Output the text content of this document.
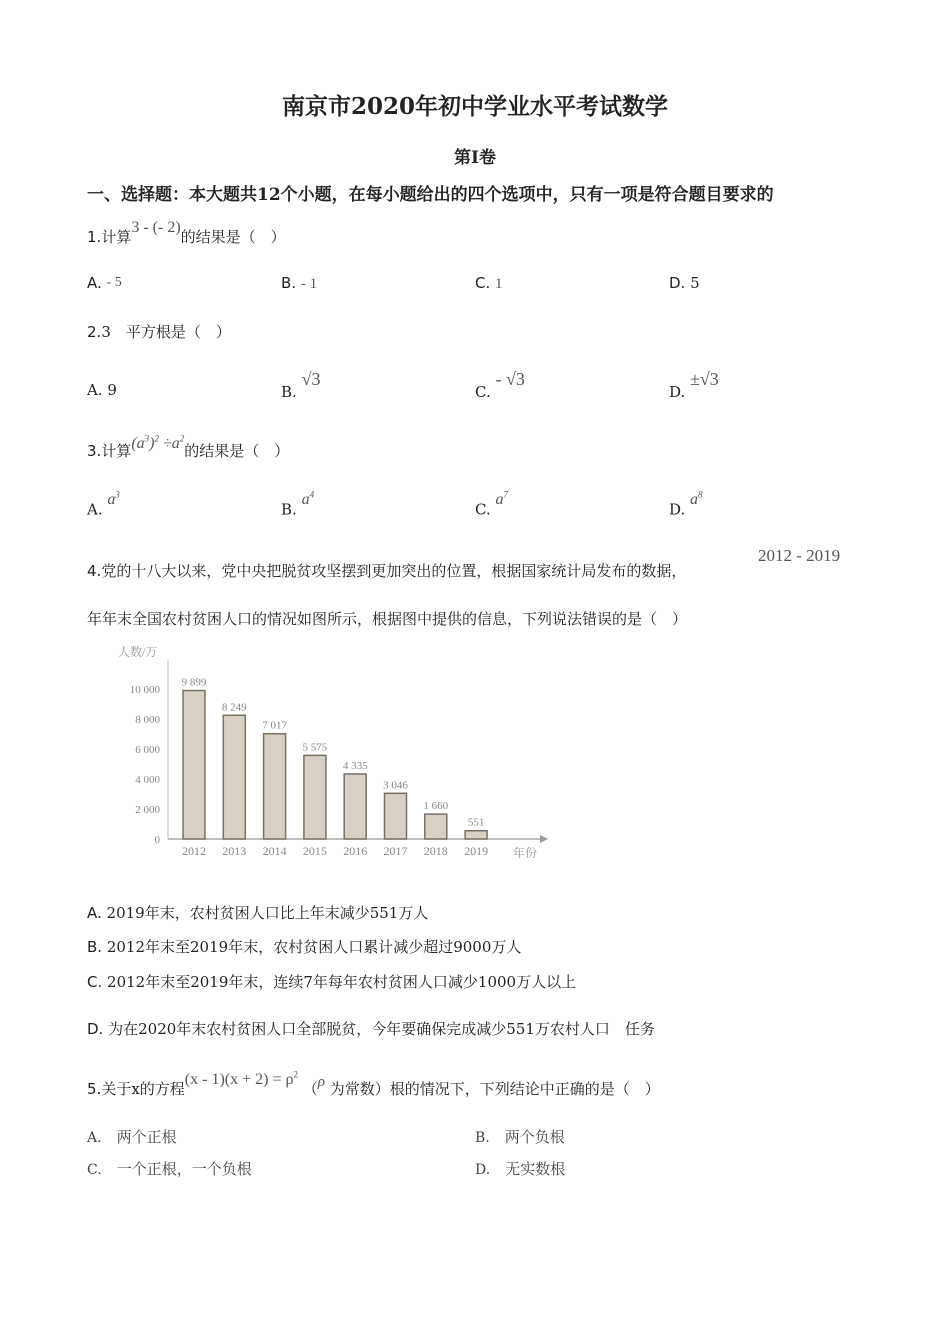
南京市2020年初中学业水平考试数学
第Ⅰ卷
一、选择题：本大题共12个小题，在每小题给出的四个选项中，只有一项是符合题目要求的
1.计算3 - (- 2)的结果是（　）
A. - 5	B. - 1	C. 1	D. 5
2.3　平方根是（　）
A. 9	B. √3
C. - √3
D. ±√3
3.计算$(a^3)^2 \div a^2$的结果是（　）
A. $a^3$
B. $a^4$
C. $a^7$
D. $a^8$
4.党的十八大以来，党中央把脱贫攻坚摆到更加突出的位置，根据国家统计局发布的数据，
2012 - 2019
年年末全国农村贫困人口的情况如图所示，根据图中提供的信息，下列说法错误的是（　）
人数/万
年份
0
2 000
4 000
6 000
8 000
10 000
9 899
2012
8 249
2013
7 017
2014
5 575
2015
4 335
2016
3 046
2017
1 660
2018
551
2019
A. 2019年末，农村贫困人口比上年末减少551万人
B. 2012年末至2019年末，农村贫困人口累计减少超过9000万人
C. 2012年末至2019年末，连续7年每年农村贫困人口减少1000万人以上
D. 为在2020年末农村贫困人口全部脱贫，今年要确保完成减少551万农村人口　任务
5.关于x的方程$(x - 1)(x + 2) = \rho^2$ （ρ 为常数）根的情况下，下列结论中正确的是（　）
A.　 两个正根	B.　 两个负根
C.　 一个正根，一个负根	D.　 无实数根
